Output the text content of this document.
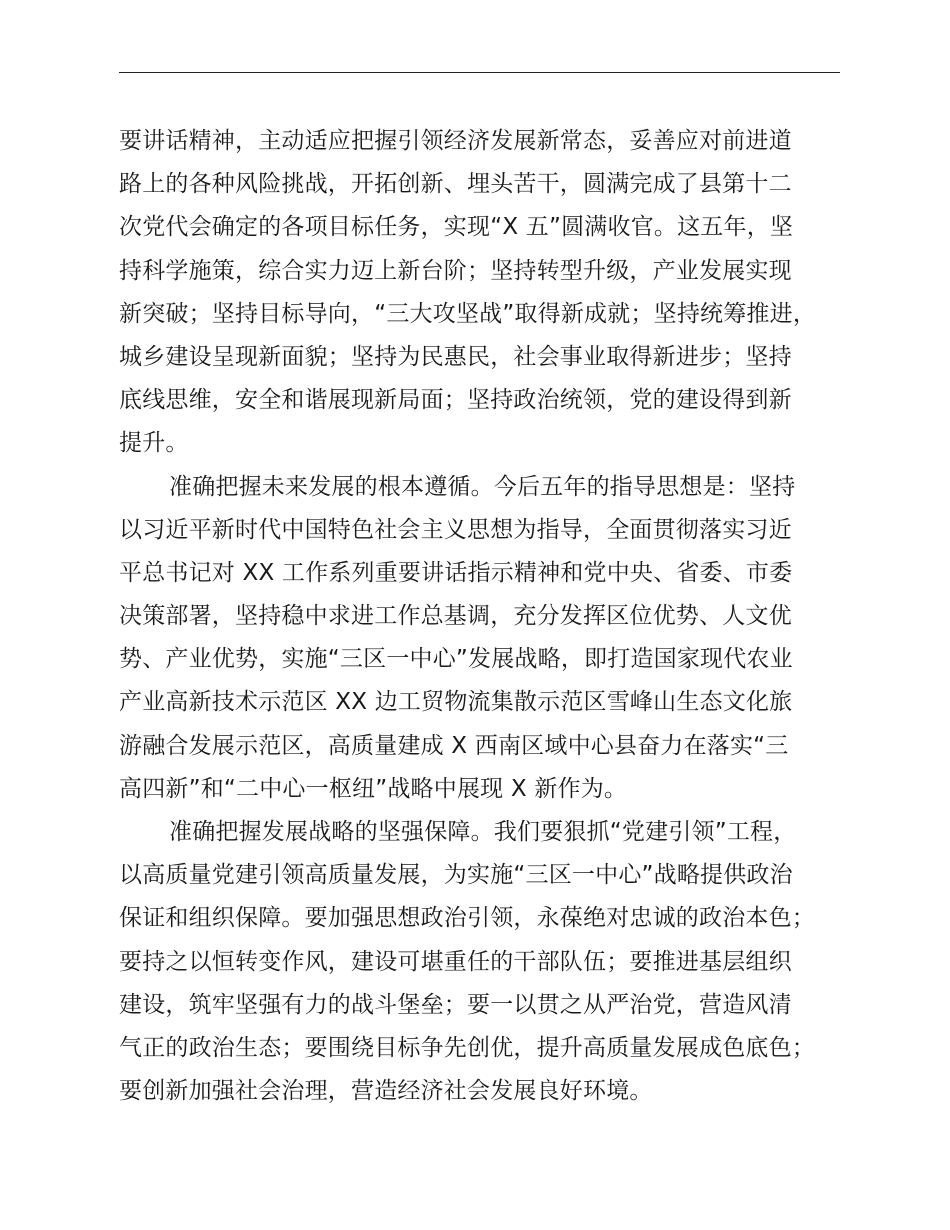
要讲话精神，主动适应把握引领经济发展新常态，妥善应对前进道
路上的各种风险挑战，开拓创新、埋头苦干，圆满完成了县第十二
次党代会确定的各项目标任务，实现“X 五”圆满收官。这五年，坚
持科学施策，综合实力迈上新台阶；坚持转型升级，产业发展实现
新突破；坚持目标导向，“三大攻坚战”取得新成就；坚持统筹推进，
城乡建设呈现新面貌；坚持为民惠民，社会事业取得新进步；坚持
底线思维，安全和谐展现新局面；坚持政治统领，党的建设得到新
提升。
准确把握未来发展的根本遵循。今后五年的指导思想是：坚持
以习近平新时代中国特色社会主义思想为指导，全面贯彻落实习近
平总书记对 XX 工作系列重要讲话指示精神和党中央、省委、市委
决策部署，坚持稳中求进工作总基调，充分发挥区位优势、人文优
势、产业优势，实施“三区一中心”发展战略，即打造国家现代农业
产业高新技术示范区 XX 边工贸物流集散示范区雪峰山生态文化旅
游融合发展示范区，高质量建成 X 西南区域中心县奋力在落实“三
高四新”和“二中心一枢纽”战略中展现 X 新作为。
准确把握发展战略的坚强保障。我们要狠抓“党建引领”工程，
以高质量党建引领高质量发展，为实施“三区一中心”战略提供政治
保证和组织保障。要加强思想政治引领，永葆绝对忠诚的政治本色；
要持之以恒转变作风，建设可堪重任的干部队伍；要推进基层组织
建设，筑牢坚强有力的战斗堡垒；要一以贯之从严治党，营造风清
气正的政治生态；要围绕目标争先创优，提升高质量发展成色底色；
要创新加强社会治理，营造经济社会发展良好环境。
